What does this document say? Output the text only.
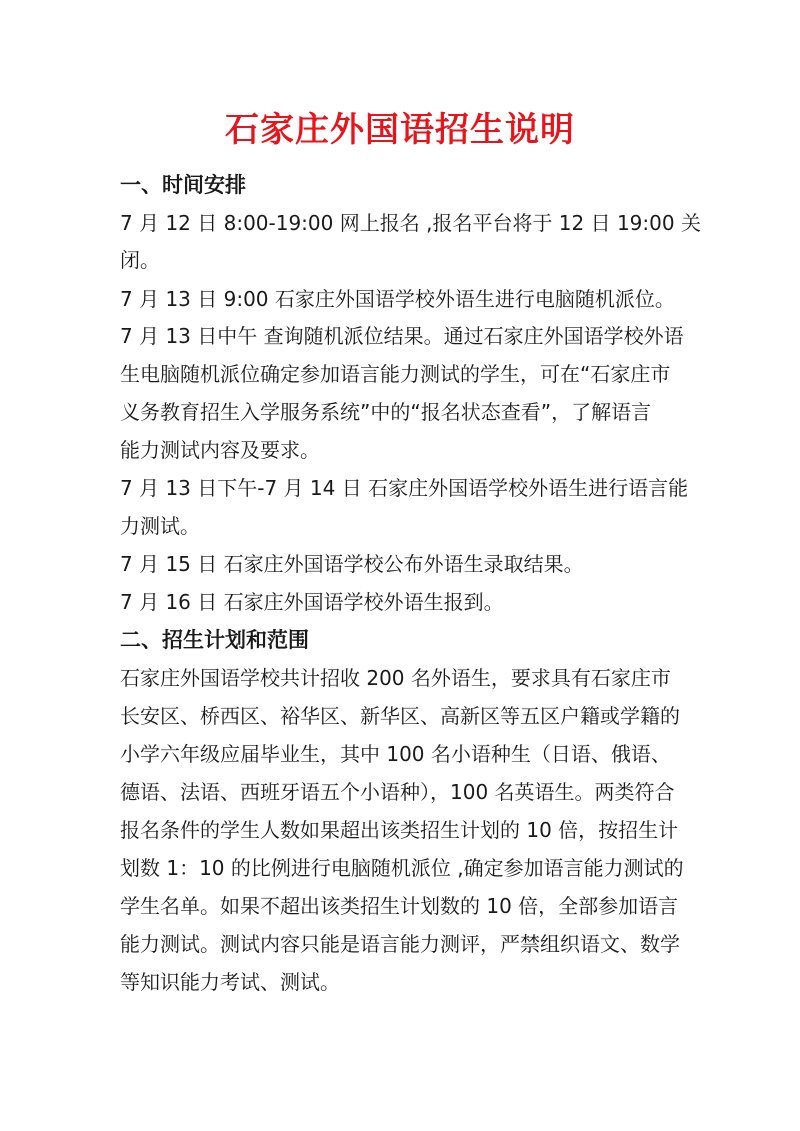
石家庄外国语招生说明
一、时间安排
7 月 12 日 8:00-19:00 网上报名 ,报名平台将于 12 日 19:00 关
闭。
7 月 13 日 9:00 石家庄外国语学校外语生进行电脑随机派位。
7 月 13 日中午 查询随机派位结果。通过石家庄外国语学校外语
生电脑随机派位确定参加语言能力测试的学生，可在“石家庄市
义务教育招生入学服务系统”中的“报名状态查看”，了解语言
能力测试内容及要求。
7 月 13 日下午-7 月 14 日 石家庄外国语学校外语生进行语言能
力测试。
7 月 15 日 石家庄外国语学校公布外语生录取结果。
7 月 16 日 石家庄外国语学校外语生报到。
二、招生计划和范围
石家庄外国语学校共计招收 200 名外语生，要求具有石家庄市
长安区、桥西区、裕华区、新华区、高新区等五区户籍或学籍的
小学六年级应届毕业生，其中 100 名小语种生（日语、俄语、
德语、法语、西班牙语五个小语种），100 名英语生。两类符合
报名条件的学生人数如果超出该类招生计划的 10 倍，按招生计
划数 1：10 的比例进行电脑随机派位 ,确定参加语言能力测试的
学生名单。如果不超出该类招生计划数的 10 倍，全部参加语言
能力测试。测试内容只能是语言能力测评，严禁组织语文、数学
等知识能力考试、测试。
